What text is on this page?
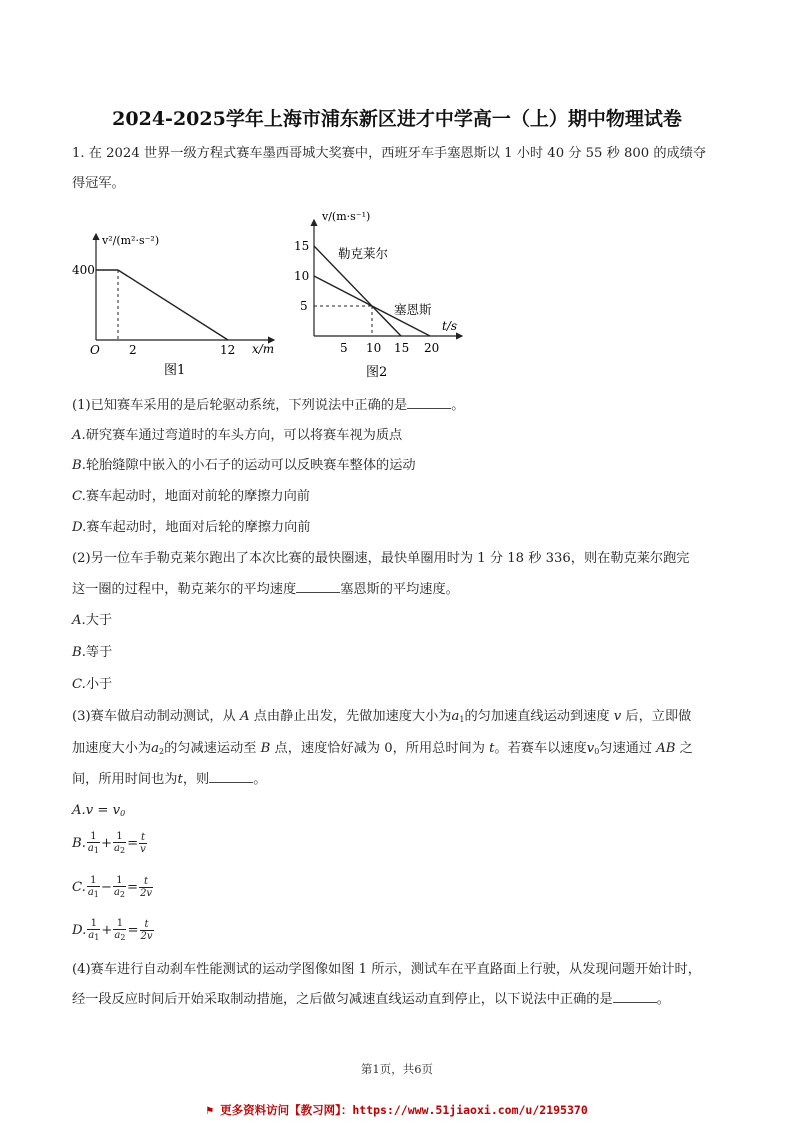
2024-2025学年上海市浦东新区进才中学高一（上）期中物理试卷
1. 在 2024 世界一级方程式赛车墨西哥城大奖赛中，西班牙车手塞恩斯以 1 小时 40 分 55 秒 800 的成绩夺
得冠军。
v²/(m²·s⁻²)
x/m
O
400
2	12
图1
v/(m·s⁻¹)
t/s
15
10
5
5 10 15 20
勒克莱尔
塞恩斯
图2
(1)已知赛车采用的是后轮驱动系统，下列说法中正确的是	。
A.研究赛车通过弯道时的车头方向，可以将赛车视为质点
B.轮胎缝隙中嵌入的小石子的运动可以反映赛车整体的运动
C.赛车起动时，地面对前轮的摩擦力向前
D.赛车起动时，地面对后轮的摩擦力向前
(2)另一位车手勒克莱尔跑出了本次比赛的最快圈速，最快单圈用时为 1 分 18 秒 336，则在勒克莱尔跑完
这一圈的过程中，勒克莱尔的平均速度	塞恩斯的平均速度。
A.大于
B.等于
C.小于
(3)赛车做启动制动测试，从 A 点由静止出发，先做加速度大小为$a_1$的匀加速直线运动到速度 v 后，立即做
加速度大小为$a_2$的匀减速运动至 B 点，速度恰好减为 0，所用总时间为 t。若赛车以速度$v_0$匀速通过 AB 之
间，所用时间也为t，则	。
$A.v = v_0$
B. $\frac{1}{a_1} + \frac{1}{a_2} = \frac{t}{v}$
C. $\frac{1}{a_1} - \frac{1}{a_2} = \frac{t}{2v}$
D. $\frac{1}{a_1} + \frac{1}{a_2} = \frac{t}{2v}$
(4)赛车进行自动刹车性能测试的运动学图像如图 1 所示，测试车在平直路面上行驶，从发现问题开始计时，
经一段反应时间后开始采取制动措施，之后做匀减速直线运动直到停止，以下说法中正确的是	。
第1页，共6页
⚑ 更多资料访问【教习网】：https://www.51jiaoxi.com/u/2195370
